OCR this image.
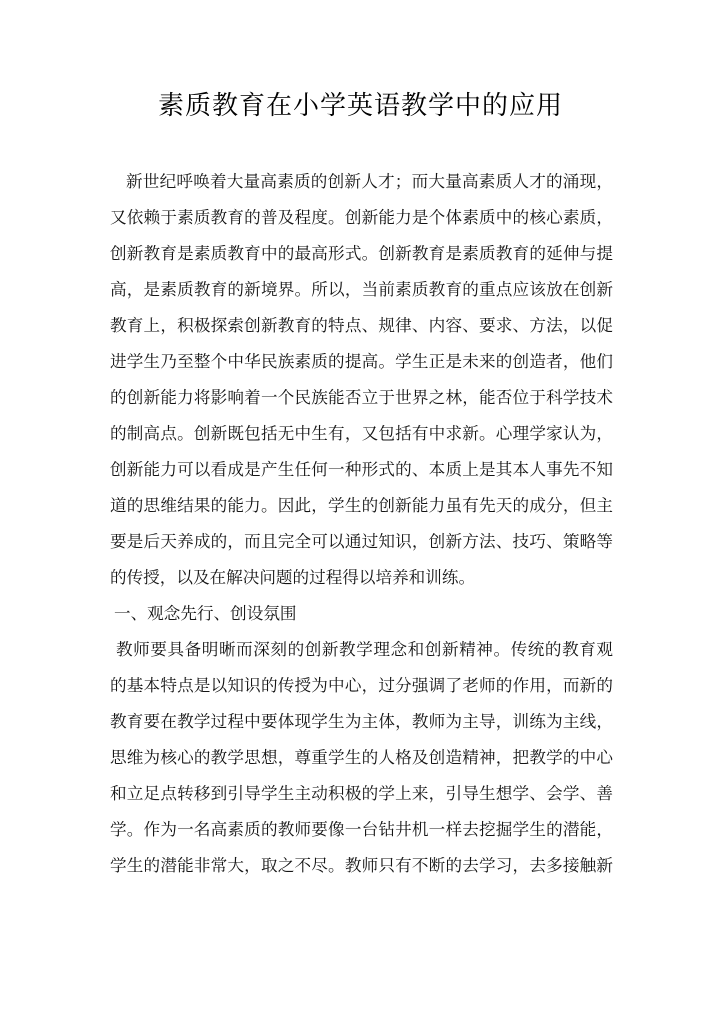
素质教育在小学英语教学中的应用
新世纪呼唤着大量高素质的创新人才；而大量高素质人才的涌现，
又依赖于素质教育的普及程度。创新能力是个体素质中的核心素质，
创新教育是素质教育中的最高形式。创新教育是素质教育的延伸与提
高，是素质教育的新境界。所以，当前素质教育的重点应该放在创新
教育上，积极探索创新教育的特点、规律、内容、要求、方法，以促
进学生乃至整个中华民族素质的提高。学生正是未来的创造者，他们
的创新能力将影响着一个民族能否立于世界之林，能否位于科学技术
的制高点。创新既包括无中生有，又包括有中求新。心理学家认为，
创新能力可以看成是产生任何一种形式的、本质上是其本人事先不知
道的思维结果的能力。因此，学生的创新能力虽有先天的成分，但主
要是后天养成的，而且完全可以通过知识，创新方法、技巧、策略等
的传授，以及在解决问题的过程得以培养和训练。
一、观念先行、创设氛围
教师要具备明晰而深刻的创新教学理念和创新精神。传统的教育观
的基本特点是以知识的传授为中心，过分强调了老师的作用，而新的
教育要在教学过程中要体现学生为主体，教师为主导，训练为主线，
思维为核心的教学思想，尊重学生的人格及创造精神，把教学的中心
和立足点转移到引导学生主动积极的学上来，引导生想学、会学、善
学。作为一名高素质的教师要像一台钻井机一样去挖掘学生的潜能，
学生的潜能非常大，取之不尽。教师只有不断的去学习，去多接触新
